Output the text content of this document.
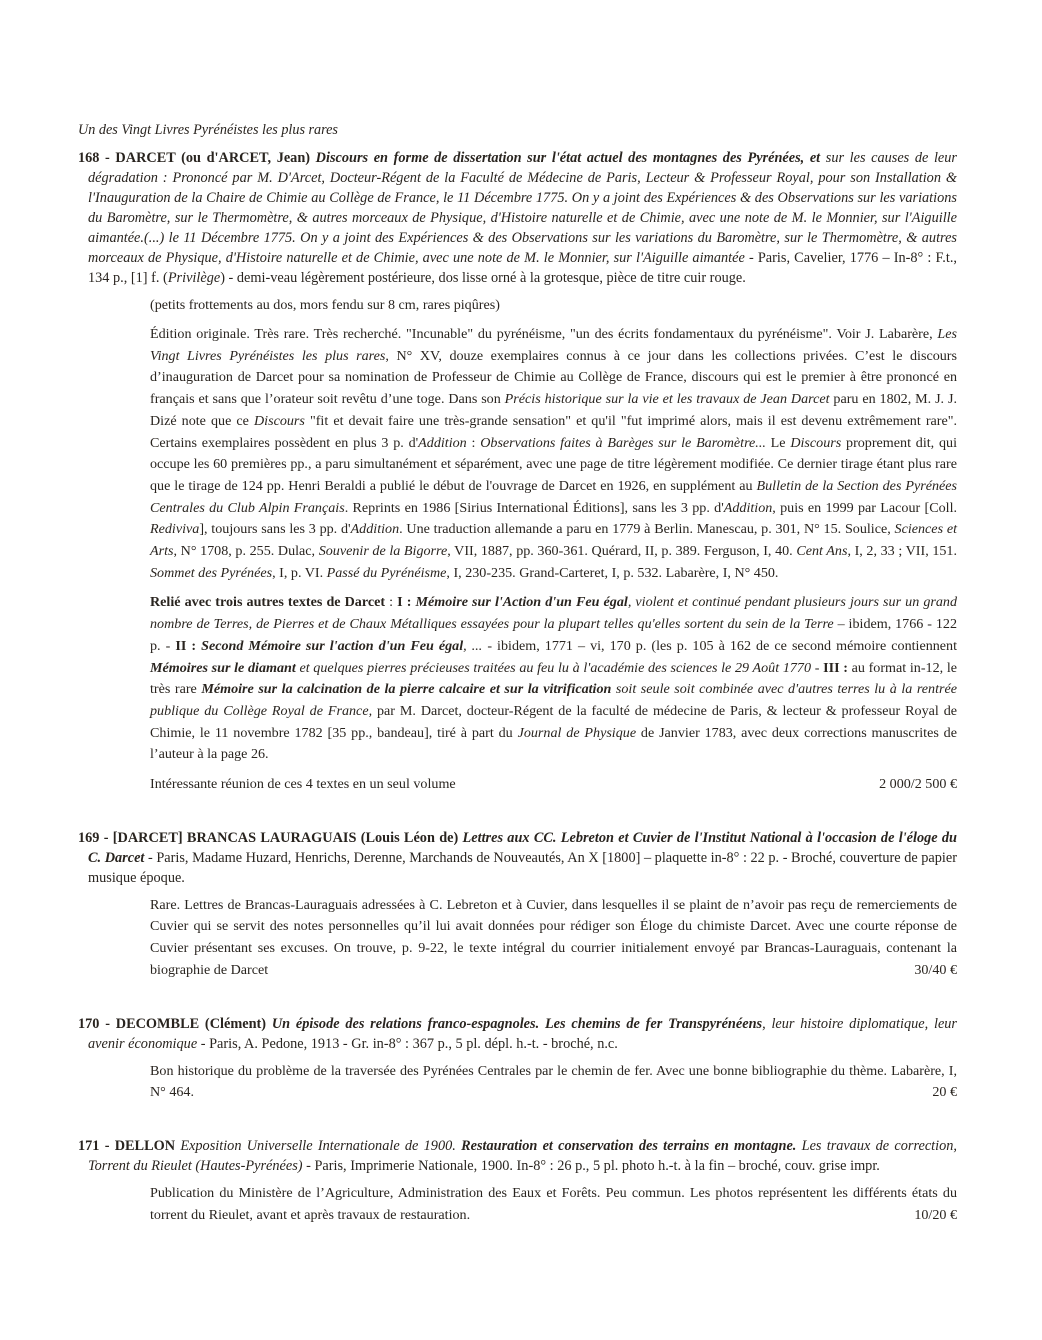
Un des Vingt Livres Pyrénéistes les plus rares

168 - DARCET (ou d'ARCET, Jean) Discours en forme de dissertation sur l'état actuel des montagnes des Pyrénées, et sur les causes de leur dégradation : Prononcé par M. D'Arcet, Docteur-Régent de la Faculté de Médecine de Paris, Lecteur & Professeur Royal, pour son Installation & l'Inauguration de la Chaire de Chimie au Collège de France, le 11 Décembre 1775. On y a joint des Expériences & des Observations sur les variations du Baromètre, sur le Thermomètre, & autres morceaux de Physique, d'Histoire naturelle et de Chimie, avec une note de M. le Monnier, sur l'Aiguille aimantée.(...) le 11 Décembre 1775. On y a joint des Expériences & des Observations sur les variations du Baromètre, sur le Thermomètre, & autres morceaux de Physique, d'Histoire naturelle et de Chimie, avec une note de M. le Monnier, sur l'Aiguille aimantée - Paris, Cavelier, 1776 – In-8° : F.t., 134 p., [1] f. (Privilège) - demi-veau légèrement postérieure, dos lisse orné à la grotesque, pièce de titre cuir rouge.

(petits frottements au dos, mors fendu sur 8 cm, rares piqûres)

Édition originale. Très rare. Très recherché. "Incunable" du pyrénéisme, "un des écrits fondamentaux du pyrénéisme". Voir J. Labarère, Les Vingt Livres Pyrénéistes les plus rares, N° XV, douze exemplaires connus à ce jour dans les collections privées. C’est le discours d’inauguration de Darcet pour sa nomination de Professeur de Chimie au Collège de France, discours qui est le premier à être prononcé en français et sans que l’orateur soit revêtu d’une toge. Dans son Précis historique sur la vie et les travaux de Jean Darcet paru en 1802, M. J. J. Dizé note que ce Discours "fit et devait faire une très-grande sensation" et qu'il "fut imprimé alors, mais il est devenu extrêmement rare". Certains exemplaires possèdent en plus 3 p. d'Addition : Observations faites à Barèges sur le Baromètre... Le Discours proprement dit, qui occupe les 60 premières pp., a paru simultanément et séparément, avec une page de titre légèrement modifiée. Ce dernier tirage étant plus rare que le tirage de 124 pp. Henri Beraldi a publié le début de l'ouvrage de Darcet en 1926, en supplément au Bulletin de la Section des Pyrénées Centrales du Club Alpin Français. Reprints en 1986 [Sirius International Éditions], sans les 3 pp. d'Addition, puis en 1999 par Lacour [Coll. Rediviva], toujours sans les 3 pp. d'Addition. Une traduction allemande a paru en 1779 à Berlin. Manescau, p. 301, N° 15. Soulice, Sciences et Arts, N° 1708, p. 255. Dulac, Souvenir de la Bigorre, VII, 1887, pp. 360-361. Quérard, II, p. 389. Ferguson, I, 40. Cent Ans, I, 2, 33 ; VII, 151. Sommet des Pyrénées, I, p. VI. Passé du Pyrénéisme, I, 230-235. Grand-Carteret, I, p. 532. Labarère, I, N° 450.

Relié avec trois autres textes de Darcet : I : Mémoire sur l'Action d'un Feu égal, violent et continué pendant plusieurs jours sur un grand nombre de Terres, de Pierres et de Chaux Métalliques essayées pour la plupart telles qu'elles sortent du sein de la Terre – ibidem, 1766 - 122 p. - II : Second Mémoire sur l'action d'un Feu égal, ... - ibidem, 1771 – vi, 170 p. (les p. 105 à 162 de ce second mémoire contiennent Mémoires sur le diamant et quelques pierres précieuses traitées au feu lu à l'académie des sciences le 29 Août 1770 - III : au format in-12, le très rare Mémoire sur la calcination de la pierre calcaire et sur la vitrification soit seule soit combinée avec d'autres terres lu à la rentrée publique du Collège Royal de France, par M. Darcet, docteur-Régent de la faculté de médecine de Paris, & lecteur & professeur Royal de Chimie, le 11 novembre 1782 [35 pp., bandeau], tiré à part du Journal de Physique de Janvier 1783, avec deux corrections manuscrites de l’auteur à la page 26.

Intéressante réunion de ces 4 textes en un seul volume	2 000/2 500 €

169 - [DARCET] BRANCAS LAURAGUAIS (Louis Léon de) Lettres aux CC. Lebreton et Cuvier de l'Institut National à l'occasion de l'éloge du C. Darcet - Paris, Madame Huzard, Henrichs, Derenne, Marchands de Nouveautés, An X [1800] – plaquette in-8° : 22 p. - Broché, couverture de papier musique époque.

30/40 €
Rare. Lettres de Brancas-Lauraguais adressées à C. Lebreton et à Cuvier, dans lesquelles il se plaint de n’avoir pas reçu de remerciements de Cuvier qui se servit des notes personnelles qu’il lui avait données pour rédiger son Éloge du chimiste Darcet. Avec une courte réponse de Cuvier présentant ses excuses. On trouve, p. 9-22, le texte intégral du courrier initialement envoyé par Brancas-Lauraguais, contenant la biographie de Darcet

170 - DECOMBLE (Clément) Un épisode des relations franco-espagnoles. Les chemins de fer Transpyrénéens, leur histoire diplomatique, leur avenir économique - Paris, A. Pedone, 1913 - Gr. in-8° : 367 p., 5 pl. dépl. h.-t. - broché, n.c.

20 €
Bon historique du problème de la traversée des Pyrénées Centrales par le chemin de fer. Avec une bonne bibliographie du thème. Labarère, I, N° 464.

171 - DELLON Exposition Universelle Internationale de 1900. Restauration et conservation des terrains en montagne. Les travaux de correction, Torrent du Rieulet (Hautes-Pyrénées) - Paris, Imprimerie Nationale, 1900. In-8° : 26 p., 5 pl. photo h.-t. à la fin – broché, couv. grise impr.

10/20 €
Publication du Ministère de l’Agriculture, Administration des Eaux et Forêts. Peu commun. Les photos représentent les différents états du torrent du Rieulet, avant et après travaux de restauration.
